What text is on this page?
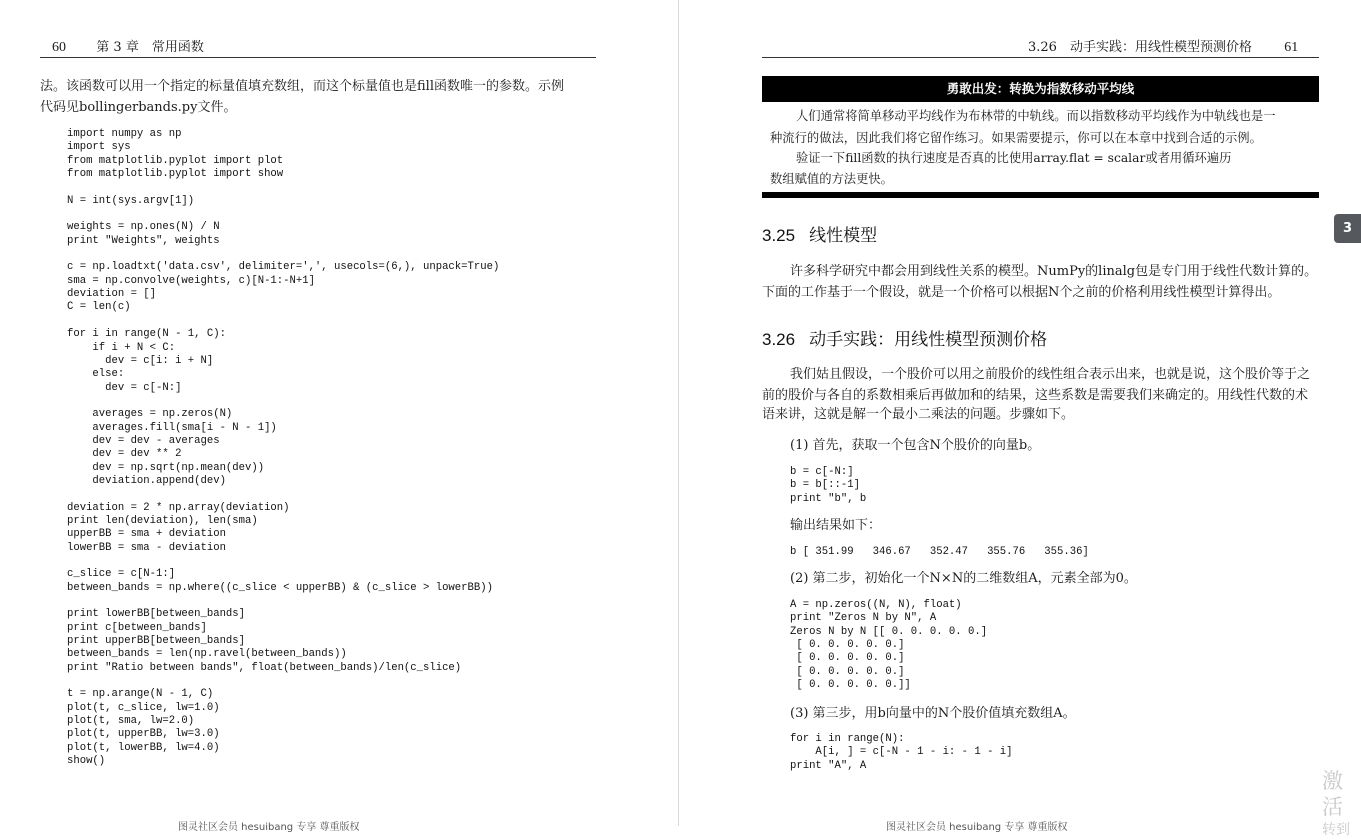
60 第 3 章　常用函数
法。该函数可以用一个指定的标量值填充数组，而这个标量值也是fill函数唯一的参数。示例
代码见bollingerbands.py文件。
import numpy as np
import sys
from matplotlib.pyplot import plot
from matplotlib.pyplot import show

N = int(sys.argv[1])

weights = np.ones(N) / N
print "Weights", weights

c = np.loadtxt('data.csv', delimiter=',', usecols=(6,), unpack=True)
sma = np.convolve(weights, c)[N-1:-N+1]
deviation = []
C = len(c)

for i in range(N - 1, C):
if i + N < C:
dev = c[i: i + N]
else:
dev = c[-N:]

averages = np.zeros(N)
averages.fill(sma[i - N - 1])
dev = dev - averages
dev = dev ** 2
dev = np.sqrt(np.mean(dev))
deviation.append(dev)

deviation = 2 * np.array(deviation)
print len(deviation), len(sma)
upperBB = sma + deviation
lowerBB = sma - deviation

c_slice = c[N-1:]
between_bands = np.where((c_slice < upperBB) & (c_slice > lowerBB))

print lowerBB[between_bands]
print c[between_bands]
print upperBB[between_bands]
between_bands = len(np.ravel(between_bands))
print "Ratio between bands", float(between_bands)/len(c_slice)

t = np.arange(N - 1, C)
plot(t, c_slice, lw=1.0)
plot(t, sma, lw=2.0)
plot(t, upperBB, lw=3.0)
plot(t, lowerBB, lw=4.0)
show()
图灵社区会员 hesuibang 专享 尊重版权
3.26　动手实践：用线性模型预测价格 61
勇敢出发：转换为指数移动平均线
人们通常将简单移动平均线作为布林带的中轨线。而以指数移动平均线作为中轨线也是一
种流行的做法，因此我们将它留作练习。如果需要提示，你可以在本章中找到合适的示例。
验证一下fill函数的执行速度是否真的比使用array.flat = scalar或者用循环遍历
数组赋值的方法更快。
3
3.25 线性模型
许多科学研究中都会用到线性关系的模型。NumPy的linalg包是专门用于线性代数计算的。
下面的工作基于一个假设，就是一个价格可以根据N个之前的价格利用线性模型计算得出。
3.26 动手实践：用线性模型预测价格
我们姑且假设，一个股价可以用之前股价的线性组合表示出来，也就是说，这个股价等于之
前的股价与各自的系数相乘后再做加和的结果，这些系数是需要我们来确定的。用线性代数的术
语来讲，这就是解一个最小二乘法的问题。步骤如下。
(1) 首先，获取一个包含N个股价的向量b。
b = c[-N:]
b = b[::-1]
print "b", b
输出结果如下：
b [ 351.99   346.67   352.47   355.76   355.36]
(2) 第二步，初始化一个N×N的二维数组A，元素全部为0。
A = np.zeros((N, N), float)
print "Zeros N by N", A
Zeros N by N [[ 0. 0. 0. 0. 0.]
[ 0. 0. 0. 0. 0.]
[ 0. 0. 0. 0. 0.]
[ 0. 0. 0. 0. 0.]
[ 0. 0. 0. 0. 0.]]
(3) 第三步，用b向量中的N个股价值填充数组A。
for i in range(N):
A[i, ] = c[-N - 1 - i: - 1 - i]
print "A", A
图灵社区会员 hesuibang 专享 尊重版权
激活
转到
